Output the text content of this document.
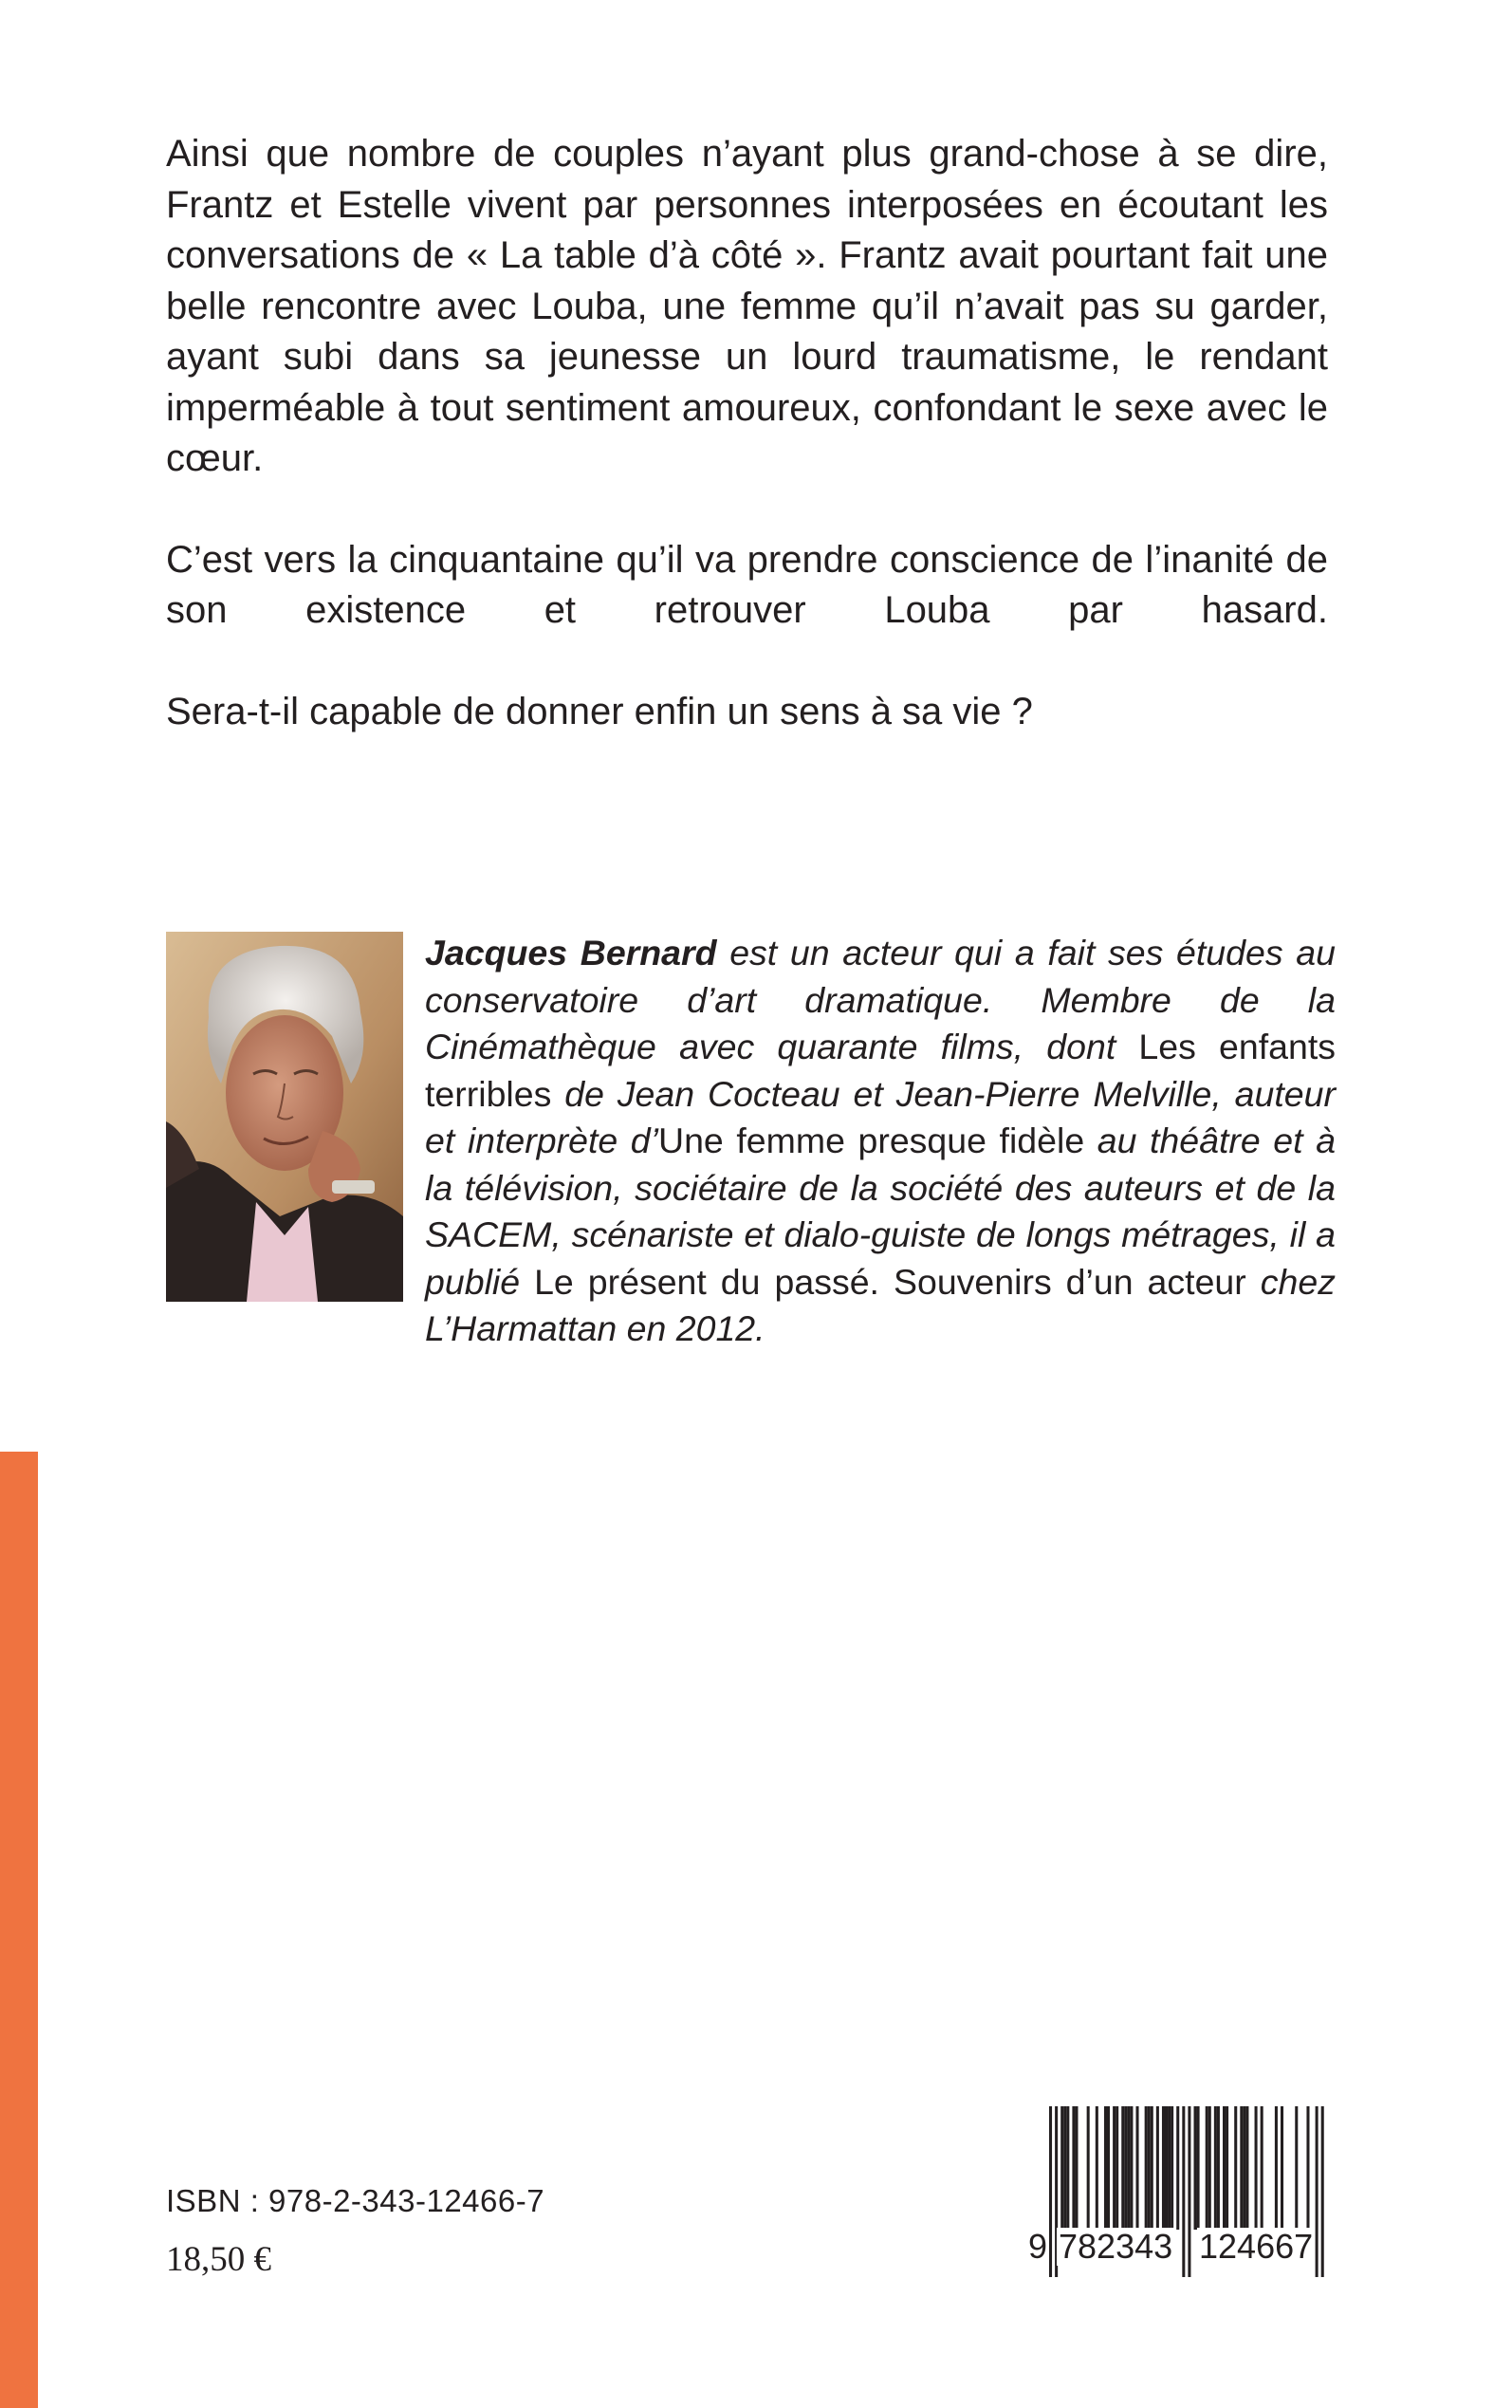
Ainsi que nombre de couples n’ayant plus grand-chose à se dire, Frantz et Estelle vivent par personnes interposées en écoutant les conversations de « La table d’à côté ». Frantz avait pourtant fait une belle rencontre avec Louba, une femme qu’il n’avait pas su garder, ayant subi dans sa jeunesse un lourd traumatisme, le rendant imperméable à tout sentiment amoureux, confondant le sexe avec le cœur.

C’est vers la cinquantaine qu’il va prendre conscience de l’inanité de son existence et retrouver Louba par hasard.

Sera-t-il capable de donner enfin un sens à sa vie ?

Jacques Bernard est un acteur qui a fait ses études au conservatoire d’art dramatique. Membre de la Cinémathèque avec quarante films, dont Les enfants terribles de Jean Cocteau et Jean-Pierre Melville, auteur et interprète d’Une femme presque fidèle au théâtre et à la télévision, sociétaire de la société des auteurs et de la SACEM, scénariste et dialo-guiste de longs métrages, il a publié Le présent du passé. Souvenirs d’un acteur chez L’Harmattan en 2012.
ISBN : 978-2-343-12466-7
18,50 €	9 782343 124667
